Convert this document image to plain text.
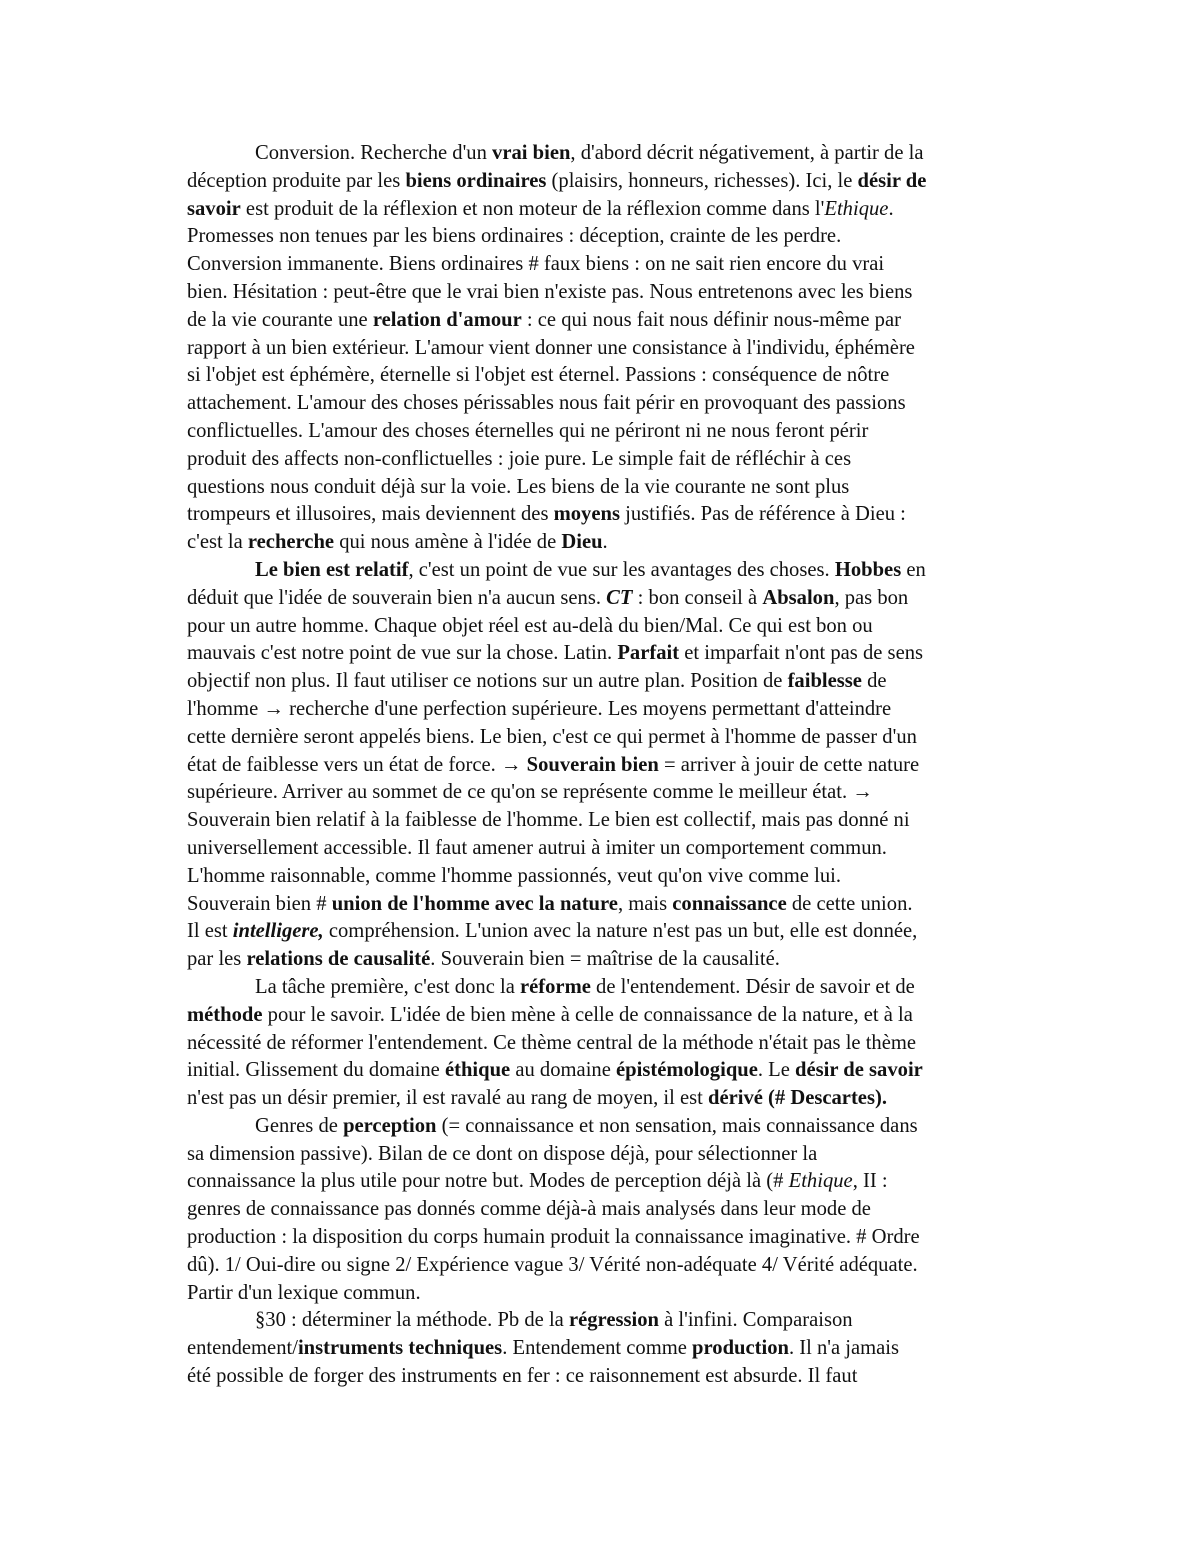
Conversion. Recherche d'un vrai bien, d'abord décrit négativement, à partir de la
déception produite par les biens ordinaires (plaisirs, honneurs, richesses). Ici, le désir de
savoir est produit de la réflexion et non moteur de la réflexion comme dans l'Ethique.
Promesses non tenues par les biens ordinaires : déception, crainte de les perdre.
Conversion immanente. Biens ordinaires # faux biens : on ne sait rien encore du vrai
bien. Hésitation : peut-être que le vrai bien n'existe pas. Nous entretenons avec les biens
de la vie courante une relation d'amour : ce qui nous fait nous définir nous-même par
rapport à un bien extérieur. L'amour vient donner une consistance à l'individu, éphémère
si l'objet est éphémère, éternelle si l'objet est éternel. Passions : conséquence de nôtre
attachement. L'amour des choses périssables nous fait périr en provoquant des passions
conflictuelles. L'amour des choses éternelles qui ne périront ni ne nous feront périr
produit des affects non-conflictuelles : joie pure. Le simple fait de réfléchir à ces
questions nous conduit déjà sur la voie. Les biens de la vie courante ne sont plus
trompeurs et illusoires, mais deviennent des moyens justifiés. Pas de référence à Dieu :
c'est la recherche qui nous amène à l'idée de Dieu.
Le bien est relatif, c'est un point de vue sur les avantages des choses. Hobbes en
déduit que l'idée de souverain bien n'a aucun sens. CT : bon conseil à Absalon, pas bon
pour un autre homme. Chaque objet réel est au-delà du bien/Mal. Ce qui est bon ou
mauvais c'est notre point de vue sur la chose. Latin. Parfait et imparfait n'ont pas de sens
objectif non plus. Il faut utiliser ce notions sur un autre plan. Position de faiblesse de
l'homme → recherche d'une perfection supérieure. Les moyens permettant d'atteindre
cette dernière seront appelés biens. Le bien, c'est ce qui permet à l'homme de passer d'un
état de faiblesse vers un état de force. → Souverain bien = arriver à jouir de cette nature
supérieure. Arriver au sommet de ce qu'on se représente comme le meilleur état. →
Souverain bien relatif à la faiblesse de l'homme. Le bien est collectif, mais pas donné ni
universellement accessible. Il faut amener autrui à imiter un comportement commun.
L'homme raisonnable, comme l'homme passionnés, veut qu'on vive comme lui.
Souverain bien # union de l'homme avec la nature, mais connaissance de cette union.
Il est intelligere, compréhension. L'union avec la nature n'est pas un but, elle est donnée,
par les relations de causalité. Souverain bien = maîtrise de la causalité.
La tâche première, c'est donc la réforme de l'entendement. Désir de savoir et de
méthode pour le savoir. L'idée de bien mène à celle de connaissance de la nature, et à la
nécessité de réformer l'entendement. Ce thème central de la méthode n'était pas le thème
initial. Glissement du domaine éthique au domaine épistémologique. Le désir de savoir
n'est pas un désir premier, il est ravalé au rang de moyen, il est dérivé (# Descartes).
Genres de perception (= connaissance et non sensation, mais connaissance dans
sa dimension passive). Bilan de ce dont on dispose déjà, pour sélectionner la
connaissance la plus utile pour notre but. Modes de perception déjà là (# Ethique, II :
genres de connaissance pas donnés comme déjà-à mais analysés dans leur mode de
production : la disposition du corps humain produit la connaissance imaginative. # Ordre
dû). 1/ Oui-dire ou signe 2/ Expérience vague 3/ Vérité non-adéquate 4/ Vérité adéquate.
Partir d'un lexique commun.
§30 : déterminer la méthode. Pb de la régression à l'infini. Comparaison
entendement/instruments techniques. Entendement comme production. Il n'a jamais
été possible de forger des instruments en fer : ce raisonnement est absurde. Il faut
